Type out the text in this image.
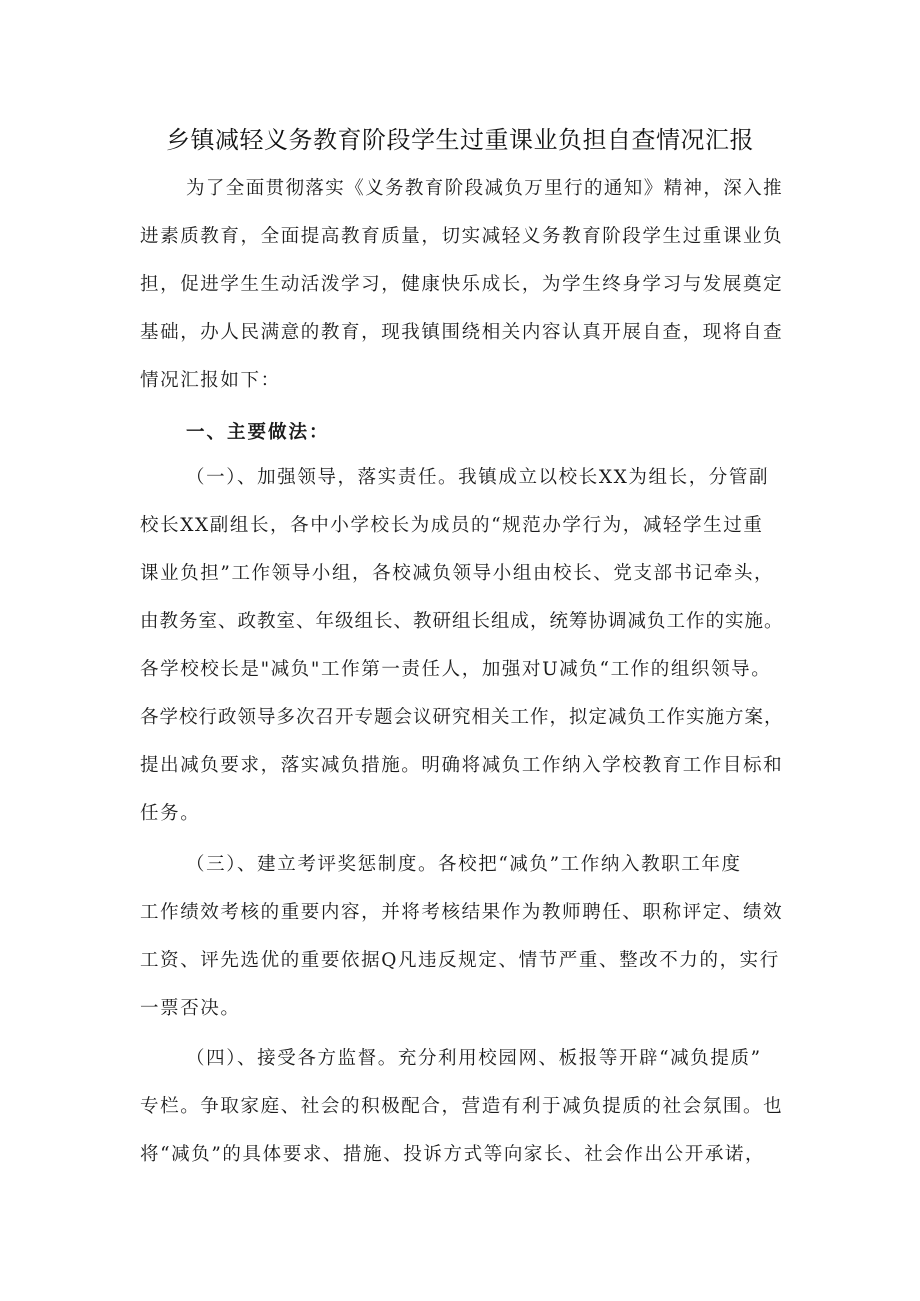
乡镇减轻义务教育阶段学生过重课业负担自查情况汇报
为了全面贯彻落实《义务教育阶段减负万里行的通知》精神，深入推
进素质教育，全面提高教育质量，切实减轻义务教育阶段学生过重课业负
担，促进学生生动活泼学习，健康快乐成长，为学生终身学习与发展奠定
基础，办人民满意的教育，现我镇围绕相关内容认真开展自查，现将自查
情况汇报如下：
一、主要做法：
（一）、加强领导，落实责任。我镇成立以校长XX为组长，分管副
校长XX副组长，各中小学校长为成员的“规范办学行为，减轻学生过重
课业负担”工作领导小组，各校减负领导小组由校长、党支部书记牵头，
由教务室、政教室、年级组长、教研组长组成，统筹协调减负工作的实施。
各学校校长是"减负"工作第一责任人，加强对U减负“工作的组织领导。
各学校行政领导多次召开专题会议研究相关工作，拟定减负工作实施方案，
提出减负要求，落实减负措施。明确将减负工作纳入学校教育工作目标和
任务。
（三）、建立考评奖惩制度。各校把“减负”工作纳入教职工年度
工作绩效考核的重要内容，并将考核结果作为教师聘任、职称评定、绩效
工资、评先选优的重要依据Q凡违反规定、情节严重、整改不力的，实行
一票否决。
（四）、接受各方监督。充分利用校园网、板报等开辟“减负提质”
专栏。争取家庭、社会的积极配合，营造有利于减负提质的社会氛围。也
将“减负”的具体要求、措施、投诉方式等向家长、社会作出公开承诺，
